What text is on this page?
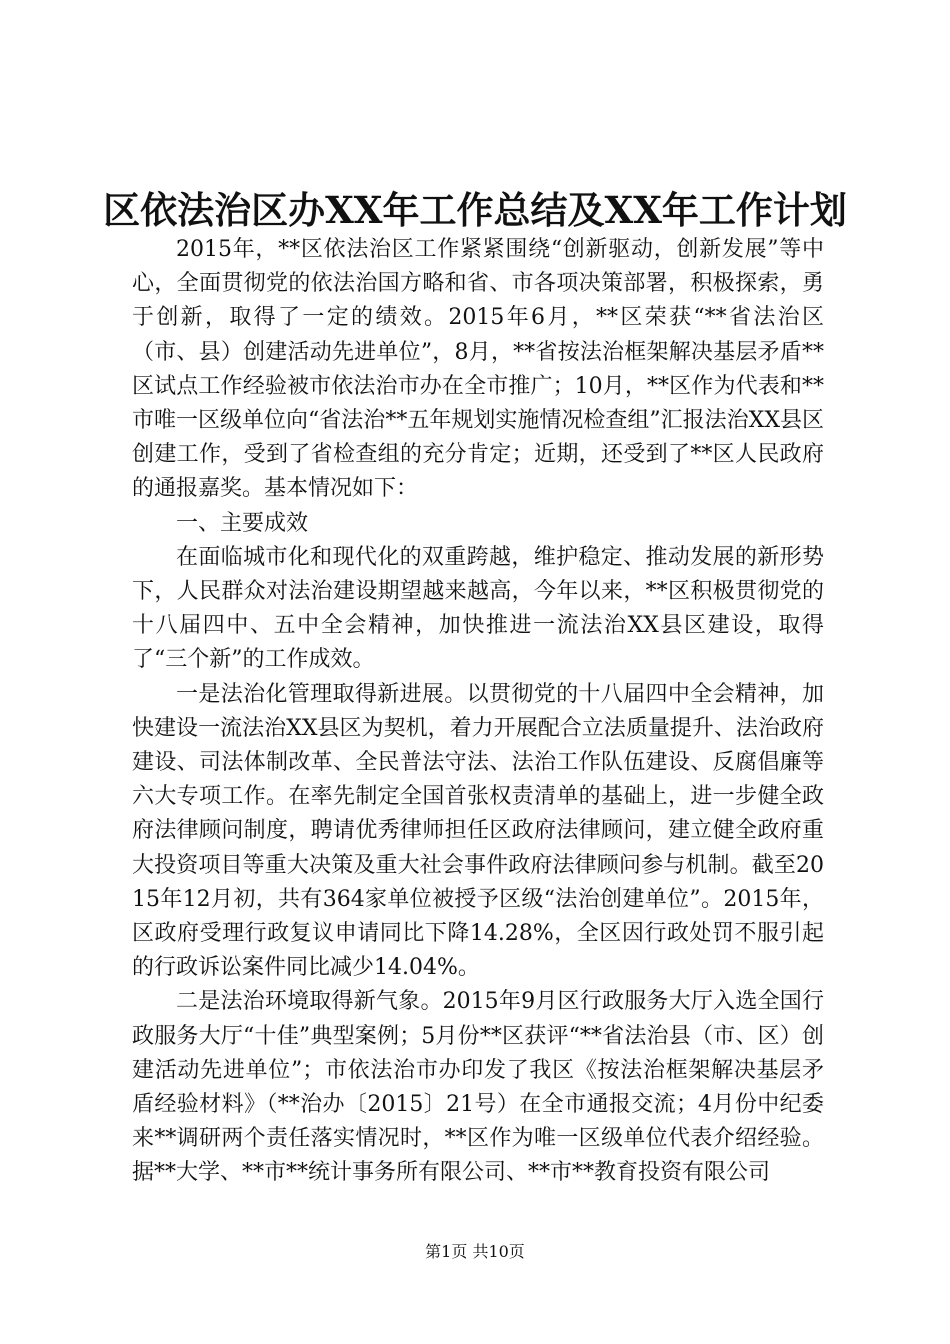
区依法治区办XX年工作总结及XX年工作计划

2015年，**区依法治区工作紧紧围绕“创新驱动，创新发展”等中心，全面贯彻党的依法治国方略和省、市各项决策部署，积极探索，勇于创新，取得了一定的绩效。2015年6月，**区荣获“**省法治区（市、县）创建活动先进单位”，8月，**省按法治框架解决基层矛盾**区试点工作经验被市依法治市办在全市推广；10月，**区作为代表和**市唯一区级单位向“省法治**五年规划实施情况检查组”汇报法治XX县区创建工作，受到了省检查组的充分肯定；近期，还受到了**区人民政府的通报嘉奖。基本情况如下：

一、主要成效

在面临城市化和现代化的双重跨越，维护稳定、推动发展的新形势下，人民群众对法治建设期望越来越高，今年以来，**区积极贯彻党的十八届四中、五中全会精神，加快推进一流法治XX县区建设，取得了“三个新”的工作成效。

一是法治化管理取得新进展。以贯彻党的十八届四中全会精神，加快建设一流法治XX县区为契机，着力开展配合立法质量提升、法治政府建设、司法体制改革、全民普法守法、法治工作队伍建设、反腐倡廉等六大专项工作。在率先制定全国首张权责清单的基础上，进一步健全政府法律顾问制度，聘请优秀律师担任区政府法律顾问，建立健全政府重大投资项目等重大决策及重大社会事件政府法律顾问参与机制。截至2015年12月初，共有364家单位被授予区级“法治创建单位”。2015年，区政府受理行政复议申请同比下降14.28%，全区因行政处罚不服引起的行政诉讼案件同比减少14.04%。

二是法治环境取得新气象。2015年9月区行政服务大厅入选全国行政服务大厅“十佳”典型案例；5月份**区获评“**省法治县（市、区）创建活动先进单位”；市依法治市办印发了我区《按法治框架解决基层矛盾经验材料》（**治办〔2015〕21号）在全市通报交流；4月份中纪委来**调研两个责任落实情况时，**区作为唯一区级单位代表介绍经验。据**大学、**市**统计事务所有限公司、**市**教育投资有限公司

第1页 共10页
